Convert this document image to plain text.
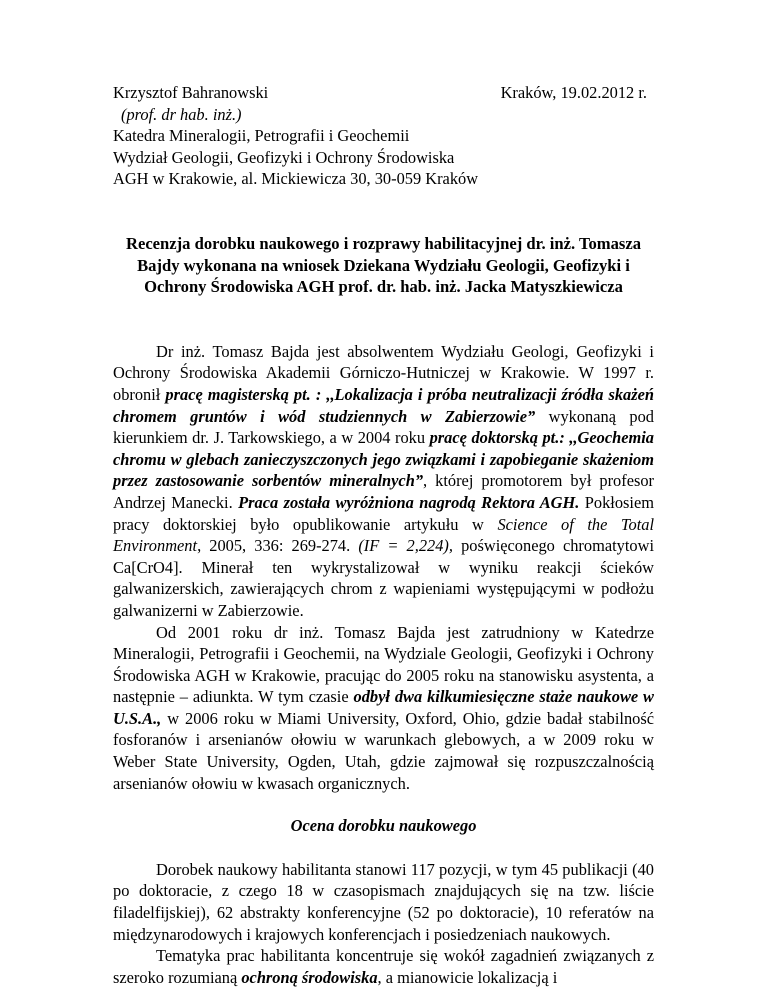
Krzysztof Bahranowski
(prof. dr hab. inż.)
Katedra Mineralogii, Petrografii i Geochemii
Wydział Geologii, Geofizyki i Ochrony Środowiska
AGH w Krakowie, al. Mickiewicza 30, 30-059 Kraków
Kraków, 19.02.2012 r.
Recenzja dorobku naukowego i rozprawy habilitacyjnej dr. inż. Tomasza Bajdy wykonana na wniosek Dziekana Wydziału Geologii, Geofizyki i Ochrony Środowiska AGH prof. dr. hab. inż. Jacka Matyszkiewicza

Dr inż. Tomasz Bajda jest absolwentem Wydziału Geologi, Geofizyki i Ochrony Środowiska Akademii Górniczo-Hutniczej w Krakowie. W 1997 r. obronił pracę magisterską pt. : ,,Lokalizacja i próba neutralizacji źródła skażeń chromem gruntów i wód studziennych w Zabierzowie” wykonaną pod kierunkiem dr. J. Tarkowskiego, a w 2004 roku pracę doktorską pt.: ,,Geochemia chromu w glebach zanieczyszczonych jego związkami i zapobieganie skażeniom przez zastosowanie sorbentów mineralnych”, której promotorem był profesor Andrzej Manecki. Praca została wyróżniona nagrodą Rektora AGH. Pokłosiem pracy doktorskiej było opublikowanie artykułu w Science of the Total Environment, 2005, 336: 269-274. (IF = 2,224), poświęconego chromatytowi Ca[CrO4]. Minerał ten wykrystalizował w wyniku reakcji ścieków galwanizerskich, zawierających chrom z wapieniami występującymi w podłożu galwanizerni w Zabierzowie.

Od 2001 roku dr inż. Tomasz Bajda jest zatrudniony w Katedrze Mineralogii, Petrografii i Geochemii, na Wydziale Geologii, Geofizyki i Ochrony Środowiska AGH w Krakowie, pracując do 2005 roku na stanowisku asystenta, a następnie – adiunkta. W tym czasie odbył dwa kilkumiesięczne staże naukowe w U.S.A., w 2006 roku w Miami University, Oxford, Ohio, gdzie badał stabilność fosforanów i arsenianów ołowiu w warunkach glebowych, a w 2009 roku w Weber State University, Ogden, Utah, gdzie zajmował się rozpuszczalnością arsenianów ołowiu w kwasach organicznych.

Ocena dorobku naukowego

Dorobek naukowy habilitanta stanowi 117 pozycji, w tym 45 publikacji (40 po doktoracie, z czego 18 w czasopismach znajdujących się na tzw. liście filadelfijskiej), 62 abstrakty konferencyjne (52 po doktoracie), 10 referatów na międzynarodowych i krajowych konferencjach i posiedzeniach naukowych.

Tematyka prac habilitanta koncentruje się wokół zagadnień związanych z szeroko rozumianą ochroną środowiska, a mianowicie lokalizacją i
